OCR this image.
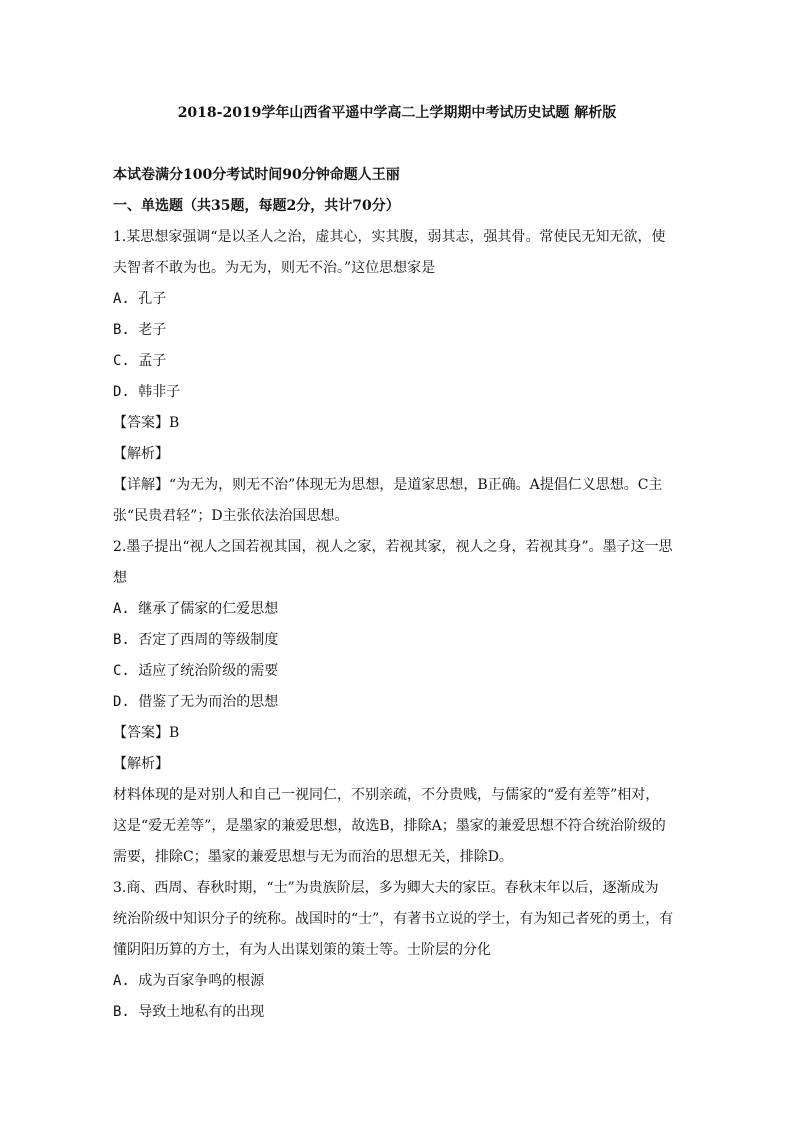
2018-2019学年山西省平遥中学高二上学期期中考试历史试题 解析版
本试卷满分100分考试时间90分钟命题人王丽
一、单选题（共35题，每题2分，共计70分）
1.某思想家强调“是以圣人之治，虚其心，实其腹，弱其志，强其骨。常使民无知无欲，使
夫智者不敢为也。为无为，则无不治。”这位思想家是
A. 孔子
B. 老子
C. 孟子
D. 韩非子
【答案】B
【解析】
【详解】“为无为，则无不治”体现无为思想，是道家思想，B正确。A提倡仁义思想。C主
张“民贵君轻”；D主张依法治国思想。
2.墨子提出“视人之国若视其国，视人之家，若视其家，视人之身，若视其身”。墨子这一思
想
A. 继承了儒家的仁爱思想
B. 否定了西周的等级制度
C. 适应了统治阶级的需要
D. 借鉴了无为而治的思想
【答案】B
【解析】
材料体现的是对别人和自己一视同仁，不别亲疏，不分贵贱，与儒家的“爱有差等”相对，
这是“爱无差等”，是墨家的兼爱思想，故选B，排除A；墨家的兼爱思想不符合统治阶级的
需要，排除C；墨家的兼爱思想与无为而治的思想无关，排除D。
3.商、西周、春秋时期，“士”为贵族阶层，多为卿大夫的家臣。春秋末年以后，逐渐成为
统治阶级中知识分子的统称。战国时的“士”，有著书立说的学士，有为知己者死的勇士，有
懂阴阳历算的方士，有为人出谋划策的策士等。士阶层的分化
A. 成为百家争鸣的根源
B. 导致土地私有的出现
